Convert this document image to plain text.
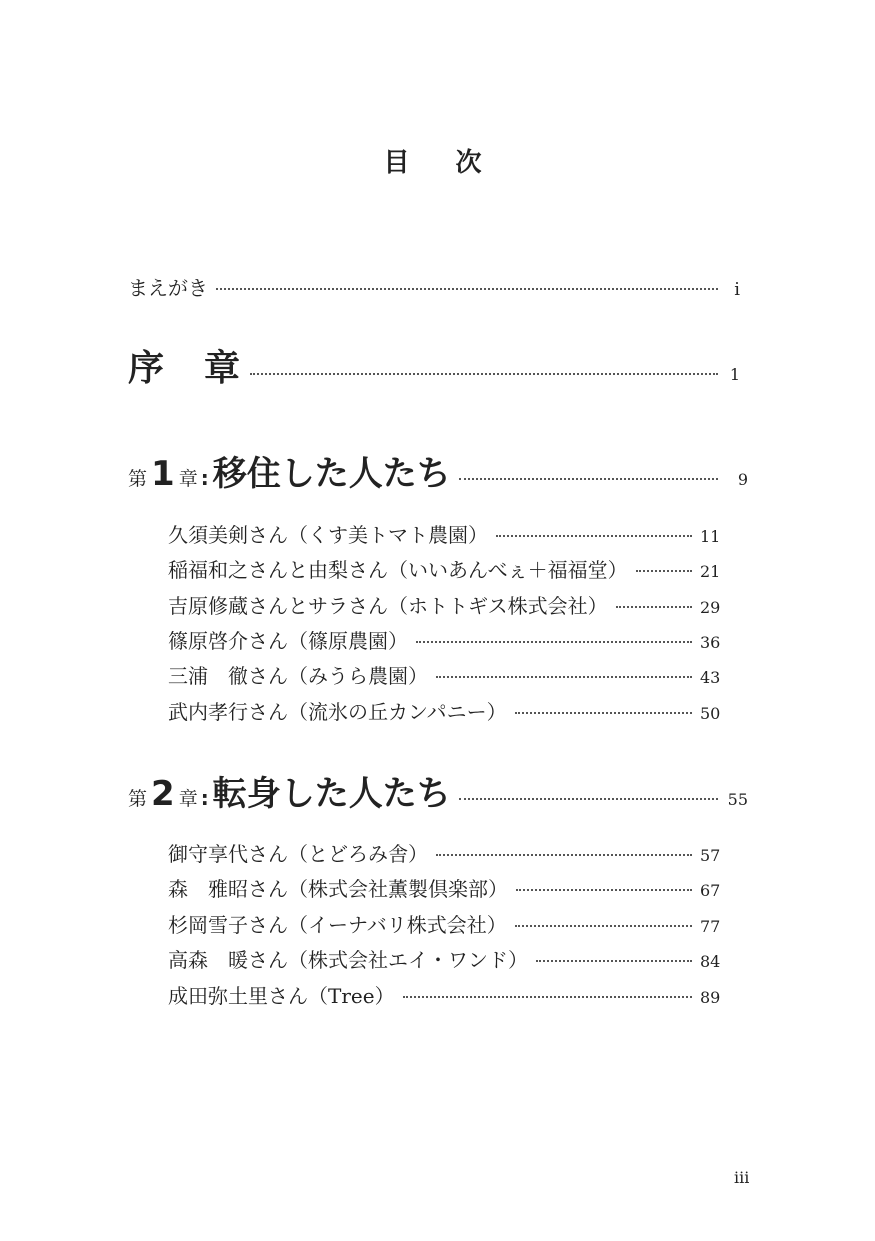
目　次
まえがき	i
序　章	1
第 1 章 : 移住した人たち	9
久須美剣さん（くす美トマト農園）	11
稲福和之さんと由梨さん（いいあんべぇ＋福福堂）	21
吉原修蔵さんとサラさん（ホトトギス株式会社）	29
篠原啓介さん（篠原農園）	36
三浦　徹さん（みうら農園）	43
武内孝行さん（流氷の丘カンパニー）	50
第 2 章 : 転身した人たち	55
御守享代さん（とどろみ舎）	57
森　雅昭さん（株式会社薫製倶楽部）	67
杉岡雪子さん（イーナバリ株式会社）	77
高森　暖さん（株式会社エイ・ワンド）	84
成田弥土里さん（Tree）	89
iii
